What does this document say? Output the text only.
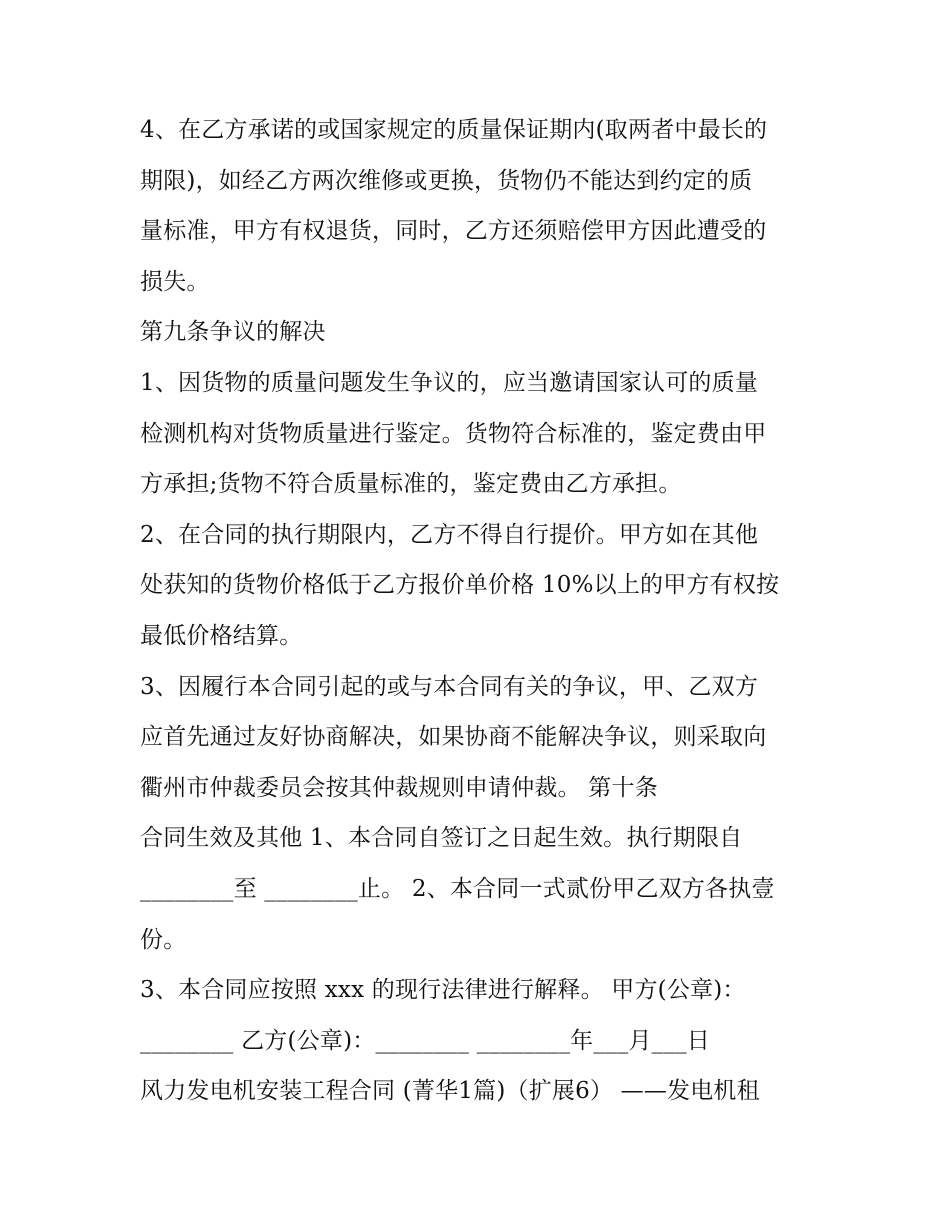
4、在乙方承诺的或国家规定的质量保证期内(取两者中最长的

期限)，如经乙方两次维修或更换，货物仍不能达到约定的质

量标准，甲方有权退货，同时，乙方还须赔偿甲方因此遭受的

损失。

第九条争议的解决

1、因货物的质量问题发生争议的，应当邀请国家认可的质量

检测机构对货物质量进行鉴定。货物符合标准的，鉴定费由甲

方承担;货物不符合质量标准的，鉴定费由乙方承担。

2、在合同的执行期限内，乙方不得自行提价。甲方如在其他

处获知的货物价格低于乙方报价单价格 10%以上的甲方有权按

最低价格结算。

3、因履行本合同引起的或与本合同有关的争议，甲、乙双方

应首先通过友好协商解决，如果协商不能解决争议，则采取向

衢州市仲裁委员会按其仲裁规则申请仲裁。 第十条

合同生效及其他 1、本合同自签订之日起生效。执行期限自

________至 ________止。 2、本合同一式贰份甲乙双方各执壹

份。

3、本合同应按照 xxx 的现行法律进行解释。 甲方(公章)：

________ 乙方(公章)：________ ________年___月___日

风力发电机安装工程合同 (菁华1篇)（扩展6） ——发电机租
